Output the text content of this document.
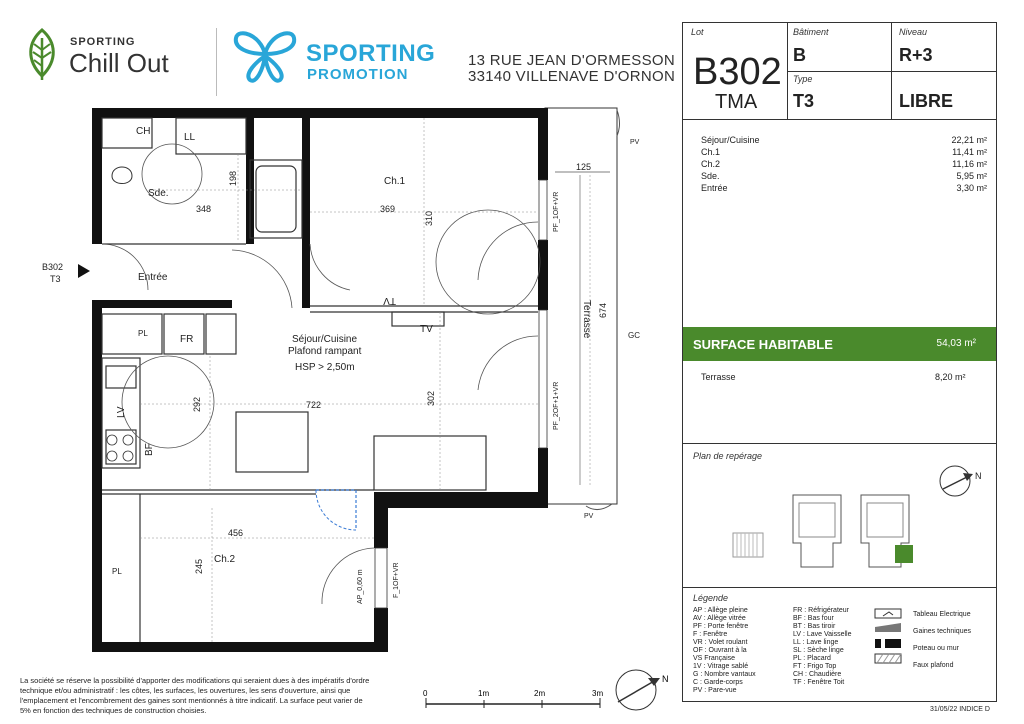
SPORTING
Chill Out	SPORTING
PROMOTION
13 RUE JEAN D'ORMESSON
33140 VILLENAVE D'ORNON
Lot
B302
TMA
Bâtiment
B
Niveau
R+3
Type
T3	LIBRE
Séjour/Cuisine	22,21 m²
Ch.1	11,41 m²
Ch.2	11,16 m²
Sde.	5,95 m²
Entrée	3,30 m²
SURFACE HABITABLE	54,03 m²
Terrasse	8,20 m²
Plan de repérage
N
Légende
AP : Allège pleine
AV : Allège vitrée
PF : Porte fenêtre
F : Fenêtre
VR : Volet roulant
OF : Ouvrant à la
VS Française
1V : Vitrage sablé
G : Nombre vantaux
C : Garde-corps
PV : Pare-vue
FR : Réfrigérateur
BF : Bas four
BT : Bas tiroir
LV : Lave Vaisselle
LL : Lave linge
SL : Sèche linge
PL : Placard
FT : Frigo Top
CH : Chaudière
TF : Fenêtre Toit
Tableau Electrique
Gaines techniques
Poteau ou mur
Faux plafond
B302
T3
CH
LL
Sde.
Ch.1
Entrée
PL
FR	Séjour/Cuisine
Plafond rampant
HSP > 2,50m
TV
TV
LV
BF
Ch.2
PL
Terrasse
198
348	369
310
125
674
722
292	302
456
245
PV
PV
GC
PF_1OF+VR
PF_2OF+1+VR
AP_0,60 m	F_1OF+VR
La société se réserve la possibilité d'apporter des modifications qui seraient dues à des impératifs d'ordre
technique et/ou administratif : les côtes, les surfaces, les ouvertures, les sens d'ouverture, ainsi que
l'emplacement et l'encombrement des gaines sont mentionnés à titre indicatif. La surface peut varier de
5% en fonction des techniques de construction choisies.
0	1m	2m	3m
N
31/05/22 INDICE D
